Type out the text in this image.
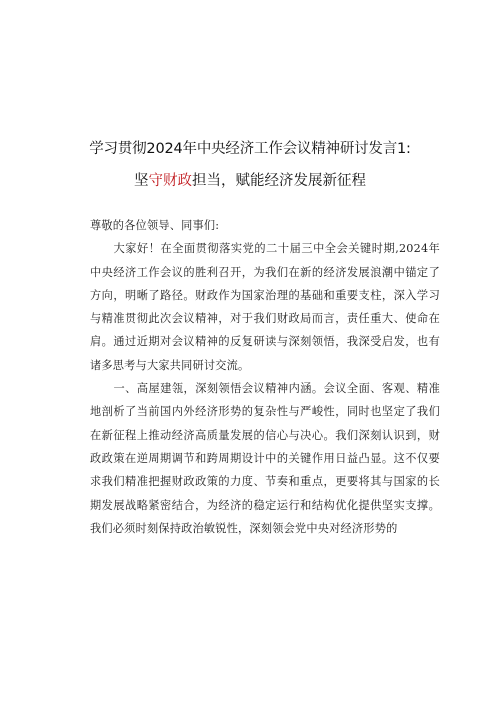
学习贯彻2024年中央经济工作会议精神研讨发言1:
坚守财政担当，赋能经济发展新征程

尊敬的各位领导、同事们:

大家好！在全面贯彻落实党的二十届三中全会关键时期,2024年中央经济工作会议的胜利召开，为我们在新的经济发展浪潮中锚定了方向，明晰了路径。财政作为国家治理的基础和重要支柱，深入学习与精准贯彻此次会议精神，对于我们财政局而言，责任重大、使命在肩。通过近期对会议精神的反复研读与深刻领悟，我深受启发，也有诸多思考与大家共同研讨交流。

一、高屋建瓴，深刻领悟会议精神内涵。会议全面、客观、精准地剖析了当前国内外经济形势的复杂性与严峻性，同时也坚定了我们在新征程上推动经济高质量发展的信心与决心。我们深刻认识到，财政政策在逆周期调节和跨周期设计中的关键作用日益凸显。这不仅要求我们精准把握财政政策的力度、节奏和重点，更要将其与国家的长期发展战略紧密结合，为经济的稳定运行和结构优化提供坚实支撑。我们必须时刻保持政治敏锐性，深刻领会党中央对经济形势的
